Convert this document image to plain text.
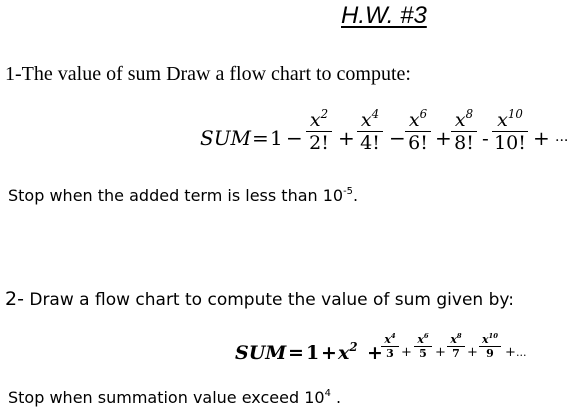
H.W. #3
1-The value of sum Draw a flow chart to compute:
SUM = 1 −
$x^2$
2! +
$x^4$
4! −
$x^6$
6! +
$x^8$
8! -
$x^{10}$
10! + ...
Stop when the added term is less than $10^{-5}$.
2- Draw a flow chart to compute the value of sum given by:
SUM = $1 + x^2$ +
$x^4$
3 +
$x^6$
5 +
$x^8$
7 +
$x^{10}$
9 + ...
Stop when summation value exceed $10^4$ .
